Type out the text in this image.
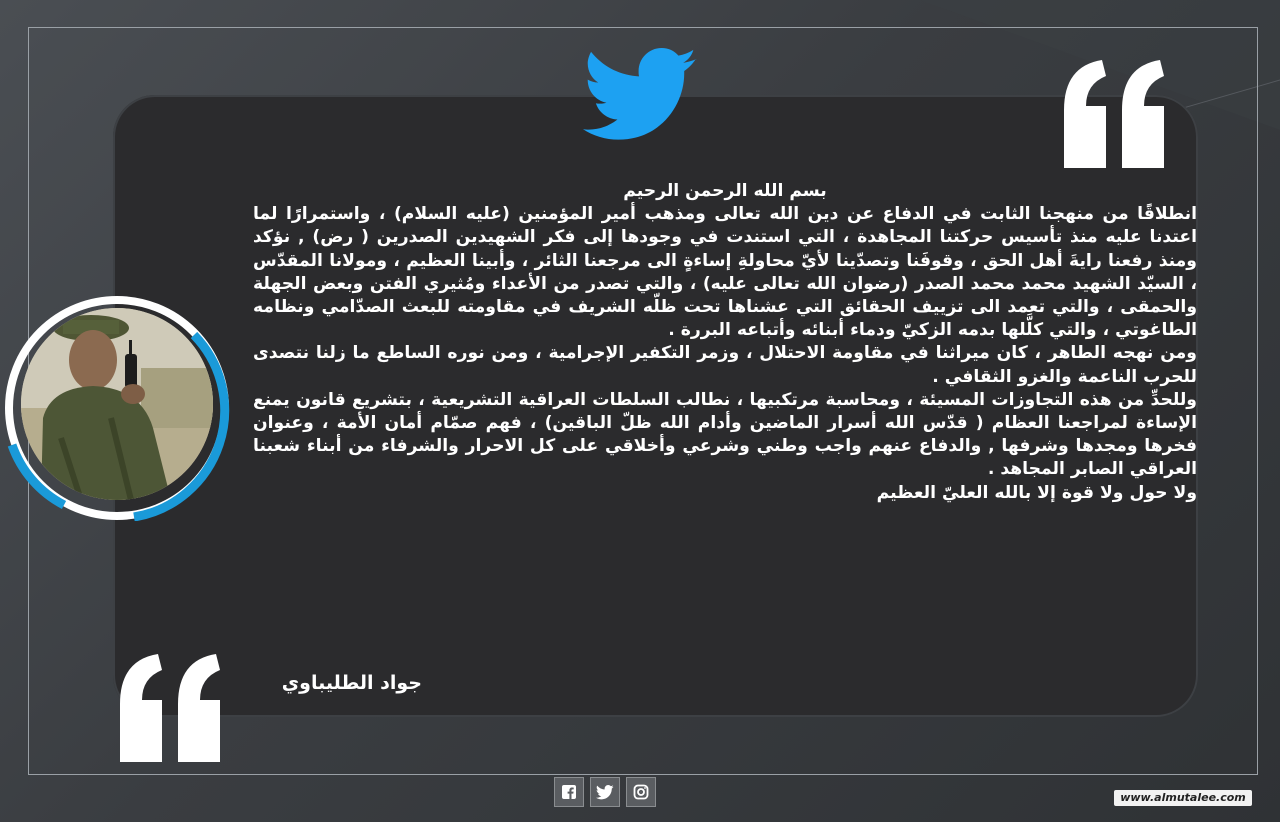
بسم الله الرحمن الرحيم

انطلاقًا من منهجنا الثابت في الدفاع عن دين الله تعالى ومذهب أمير المؤمنين (عليه السلام) ، واستمرارًا لما اعتدنا عليه منذ تأسيس حركتنا المجاهدة ، التي استندت في وجودها إلى فكر الشهيدين الصدرين ( رض) , نؤكد ومنذ رفعنا رايةَ أهل الحق ، وقوفَنا وتصدّينا لأيّ محاولةِ إساءةٍ الى مرجعنا الثائر ، وأبينا العظيم ، ومولانا المقدّس ، السيّد الشهيد محمد محمد الصدر (رضوان الله تعالى عليه) ، والتي تصدر من الأعداء ومُثيري الفتن وبعض الجهلة والحمقى ، والتي تعمد الى تزييف الحقائق التي عشناها تحت ظلّه الشريف في مقاومته للبعث الصدّامي ونظامه الطاغوتي ، والتي كلَّلها بدمه الزكيّ ودماء أبنائه وأتباعه البررة .

ومن نهجه الطاهر ، كان ميراثنا في مقاومة الاحتلال ، وزمر التكفير الإجرامية ، ومن نوره الساطع ما زلنا نتصدى للحرب الناعمة والغزو الثقافي .

وللحدِّ من هذه التجاوزات المسيئة ، ومحاسبة مرتكبيها ، نطالب السلطات العراقية التشريعية ، بتشريع قانون يمنع الإساءة لمراجعنا العظام ( قدّس الله أسرار الماضين وأدام الله ظلّ الباقين) ، فهم صمّام أمان الأمة ، وعنوان فخرها ومجدها وشرفها , والدفاع عنهم واجب وطني وشرعي وأخلاقي على كل الاحرار والشرفاء من أبناء شعبنا العراقي الصابر المجاهد .

ولا حول ولا قوة إلا بالله العليّ العظيم

جواد الطليباوي
www.almutalee.com
